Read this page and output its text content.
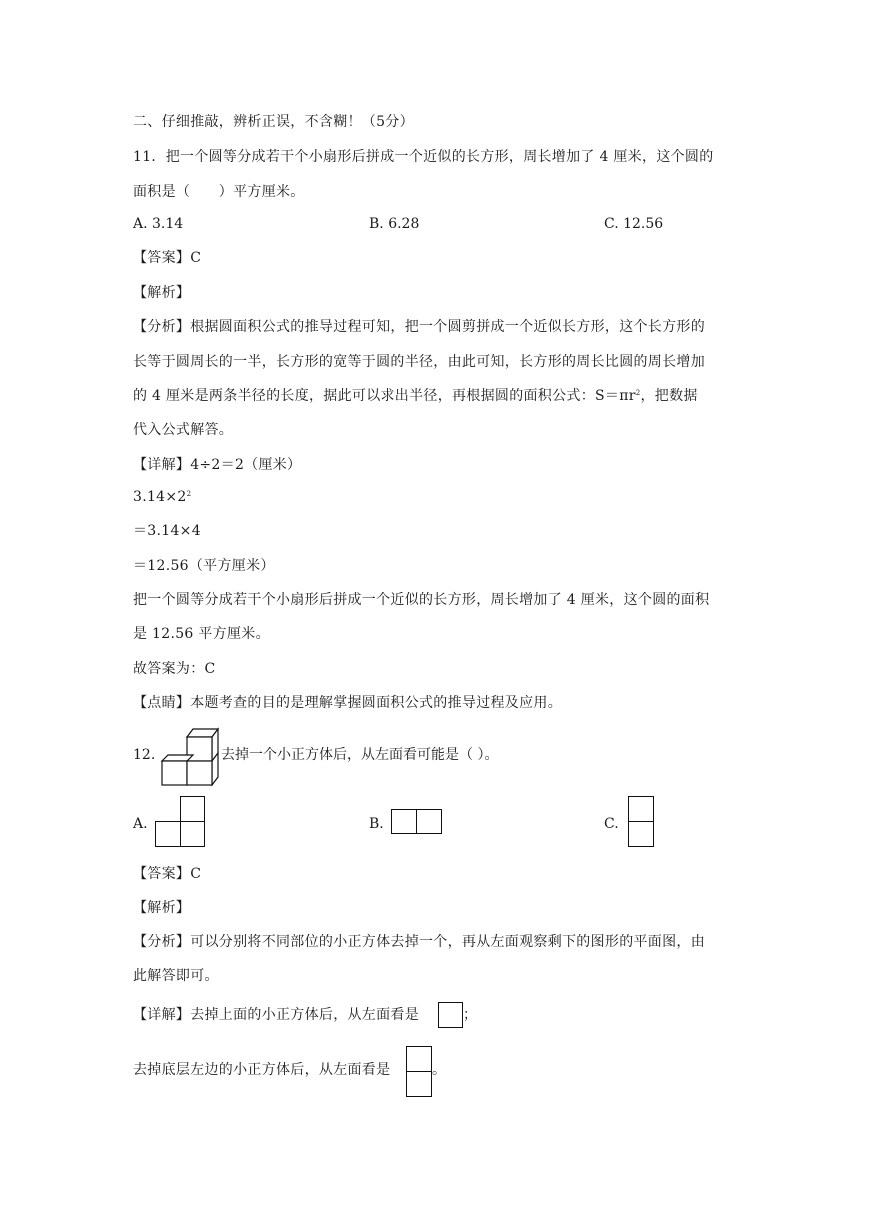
二、仔细推敲，辨析正误，不含糊！（5分）
11．把一个圆等分成若干个小扇形后拼成一个近似的长方形，周长增加了 4 厘米，这个圆的
面积是（　　）平方厘米。
A. 3.14	B. 6.28	C. 12.56
【答案】C
【解析】
【分析】根据圆面积公式的推导过程可知，把一个圆剪拼成一个近似长方形，这个长方形的
长等于圆周长的一半，长方形的宽等于圆的半径，由此可知，长方形的周长比圆的周长增加
的 4 厘米是两条半径的长度，据此可以求出半径，再根据圆的面积公式：$S=\pi r^2$，把数据
代入公式解答。
【详解】4÷2＝2（厘米）
$3.14\times 2^2$
＝3.14×4
＝12.56（平方厘米）
把一个圆等分成若干个小扇形后拼成一个近似的长方形，周长增加了 4 厘米，这个圆的面积
是 12.56 平方厘米。
故答案为：C
【点睛】本题考查的目的是理解掌握圆面积公式的推导过程及应用。
12.	去掉一个小正方体后，从左面看可能是（ ）。
A.	B.	C.
【答案】C
【解析】
【分析】可以分别将不同部位的小正方体去掉一个，再从左面观察剩下的图形的平面图，由
此解答即可。
【详解】去掉上面的小正方体后，从左面看是	；
去掉底层左边的小正方体后，从左面看是	。
